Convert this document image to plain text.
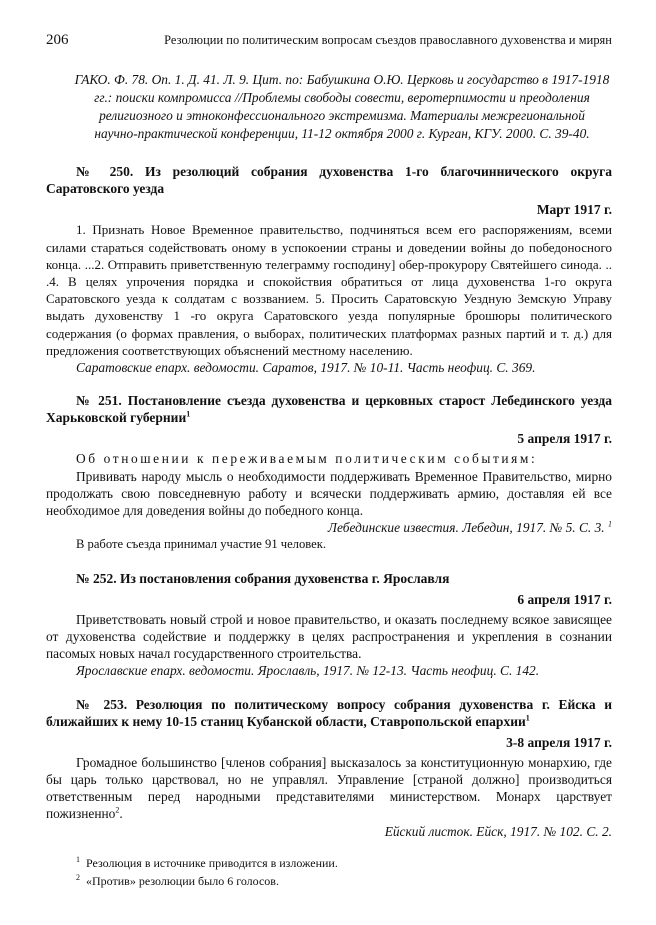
206	Резолюции по политическим вопросам съездов православного духовенства и мирян
ГАКО. Ф. 78. Оп. 1. Д. 41. Л. 9. Цит. по: Бабушкина О.Ю. Церковь и государство в 1917-1918
гг.: поиски компромисса //Проблемы свободы совести, веротерпимости и преодоления
религиозного и этноконфессионального экстремизма. Материалы межрегиональной
научно-практической конференции, 11-12 октября 2000 г. Курган, КГУ. 2000. С. 39-40.
№ 250. Из резолюций собрания духовенства 1-го благочиннического округа Саратовского уезда
Март 1917 г.
1. Признать Новое Временное правительство, подчиняться всем его распоряжениям, всеми силами стараться содействовать оному в успокоении страны и доведении войны до победоносного конца. ...2. Отправить приветственную телеграмму господину] обер-прокурору Святейшего синода. .. .4. В целях упрочения порядка и спокойствия обратиться от лица духовенства 1-го округа Саратовского уезда к солдатам с воззванием. 5. Просить Саратовскую Уездную Земскую Управу выдать духовенству 1 -го округа Саратовского уезда популярные брошюры политического содержания (о формах правления, о выборах, политических платформах разных партий и т. д.) для предложения соответствующих объяснений местному населению.
Саратовские епарх. ведомости. Саратов, 1917. № 10-11. Часть неофиц. С. 369.
№ 251. Постановление съезда духовенства и церковных старост Лебединского уезда Харьковской губернии$^1$
5 апреля 1917 г.
Об отношении к переживаемым политическим событиям:
Прививать народу мысль о необходимости поддерживать Временное Правительство, мирно продолжать свою повседневную работу и всячески поддерживать армию, доставляя ей все необходимое для доведения войны до победного конца.
Лебединские известия. Лебедин, 1917. № 5. С. 3. $^1$
В работе съезда принимал участие 91 человек.
№ 252. Из постановления собрания духовенства г. Ярославля
6 апреля 1917 г.
Приветствовать новый строй и новое правительство, и оказать последнему всякое зависящее от духовенства содействие и поддержку в целях распространения и укрепления в сознании пасомых новых начал государственного строительства.
Ярославские епарх. ведомости. Ярославль, 1917. № 12-13. Часть неофиц. С. 142.
№ 253. Резолюция по политическому вопросу собрания духовенства г. Ейска и ближайших к нему 10-15 станиц Кубанской области, Ставропольской епархии$^1$
3-8 апреля 1917 г.
Громадное большинство [членов собрания] высказалось за конституционную монархию, где бы царь только царствовал, но не управлял. Управление [страной должно] производиться ответственным перед народными представителями министерством. Монарх царствует пожизненно$^2$.
Ейский листок. Ейск, 1917. № 102. С. 2.
$^1$ Резолюция в источнике приводится в изложении.
$^2$ «Против» резолюции было 6 голосов.
